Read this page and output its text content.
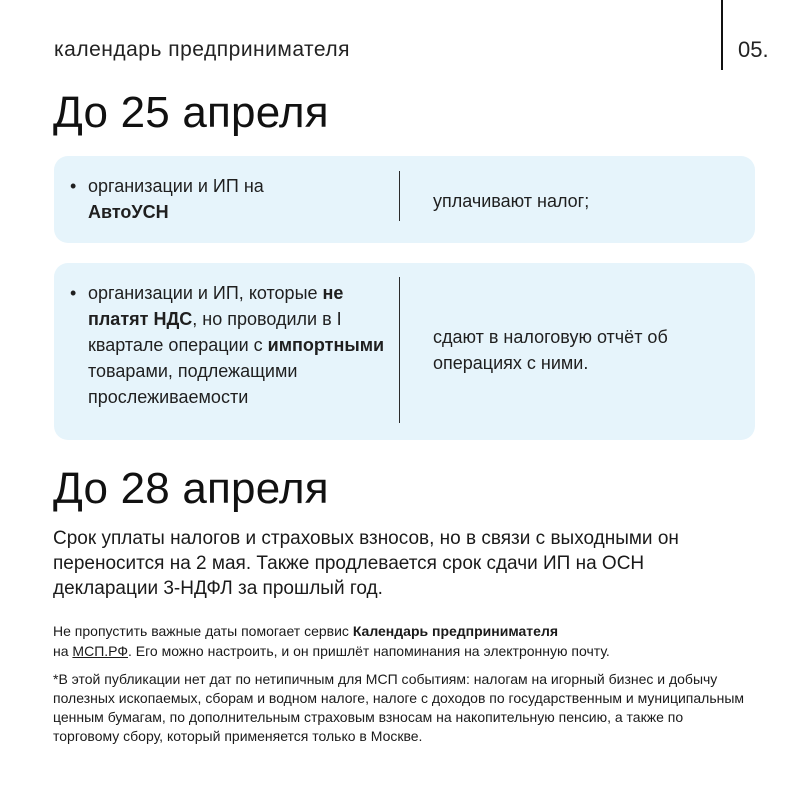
календарь предпринимателя	05.
До 25 апреля
• организации и ИП на
АвтоУСН
уплачивают налог;
• организации и ИП, которые не платят НДС, но проводили в I квартале операции с импортными товарами, подлежащими прослеживаемости
сдают в налоговую отчёт об операциях с ними.
До 28 апреля
Срок уплаты налогов и страховых взносов, но в связи с выходными он переносится на 2 мая. Также продлевается срок сдачи ИП на ОСН декларации 3-НДФЛ за прошлый год.
Не пропустить важные даты помогает сервис Календарь предпринимателя
на МСП.РФ. Его можно настроить, и он пришлёт напоминания на электронную почту.
*В этой публикации нет дат по нетипичным для МСП событиям: налогам на игорный бизнес и добычу полезных ископаемых, сборам и водном налоге, налоге с доходов по государственным и муниципальным ценным бумагам, по дополнительным страховым взносам на накопительную пенсию, а также по торговому сбору, который применяется только в Москве.
